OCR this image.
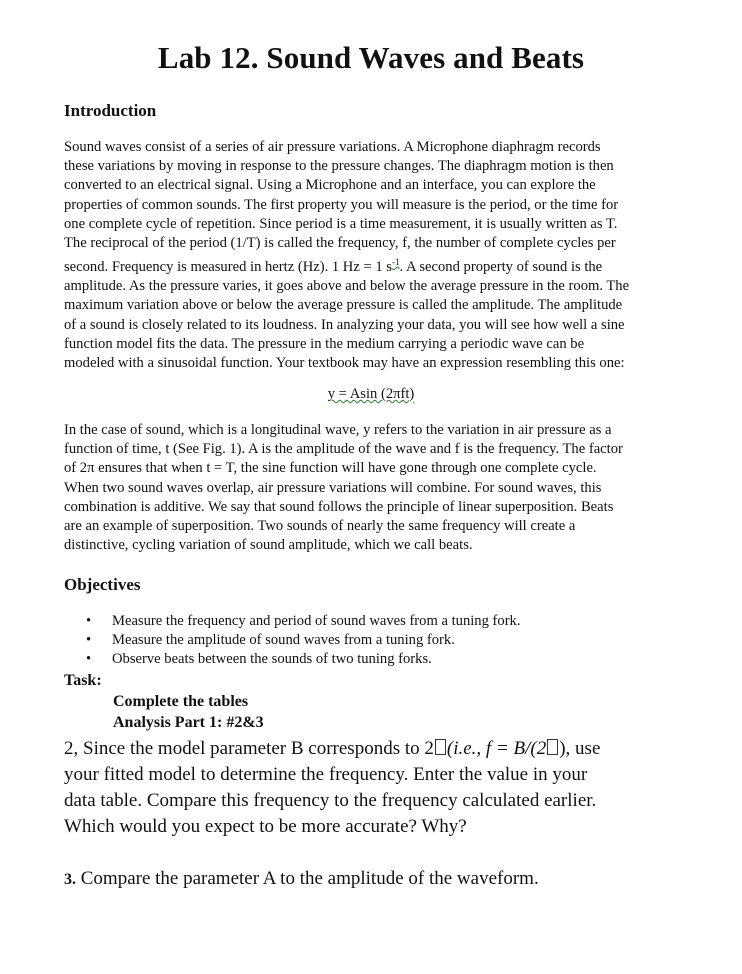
Lab 12. Sound Waves and Beats
Introduction
Sound waves consist of a series of air pressure variations. A Microphone diaphragm records
these variations by moving in response to the pressure changes. The diaphragm motion is then
converted to an electrical signal. Using a Microphone and an interface, you can explore the
properties of common sounds. The first property you will measure is the period, or the time for
one complete cycle of repetition. Since period is a time measurement, it is usually written as T.
The reciprocal of the period (1/T) is called the frequency, f, the number of complete cycles per
second. Frequency is measured in hertz (Hz). 1 Hz = 1 $s^{-1}$. A second property of sound is the
amplitude. As the pressure varies, it goes above and below the average pressure in the room. The
maximum variation above or below the average pressure is called the amplitude. The amplitude
of a sound is closely related to its loudness. In analyzing your data, you will see how well a sine
function model fits the data. The pressure in the medium carrying a periodic wave can be
modeled with a sinusoidal function. Your textbook may have an expression resembling this one:
y = Asin (2πft)
In the case of sound, which is a longitudinal wave, y refers to the variation in air pressure as a
function of time, t (See Fig. 1). A is the amplitude of the wave and f is the frequency. The factor
of 2π ensures that when t = T, the sine function will have gone through one complete cycle.
When two sound waves overlap, air pressure variations will combine. For sound waves, this
combination is additive. We say that sound follows the principle of linear superposition. Beats
are an example of superposition. Two sounds of nearly the same frequency will create a
distinctive, cycling variation of sound amplitude, which we call beats.
Objectives
• Measure the frequency and period of sound waves from a tuning fork.
• Measure the amplitude of sound waves from a tuning fork.
• Observe beats between the sounds of two tuning forks.
Task:
Complete the tables
Analysis Part 1: #2&3
2, Since the model parameter B corresponds to 2 (i.e., f = B/(2 ), use
your fitted model to determine the frequency. Enter the value in your
data table. Compare this frequency to the frequency calculated earlier.
Which would you expect to be more accurate? Why?
3. Compare the parameter A to the amplitude of the waveform.
